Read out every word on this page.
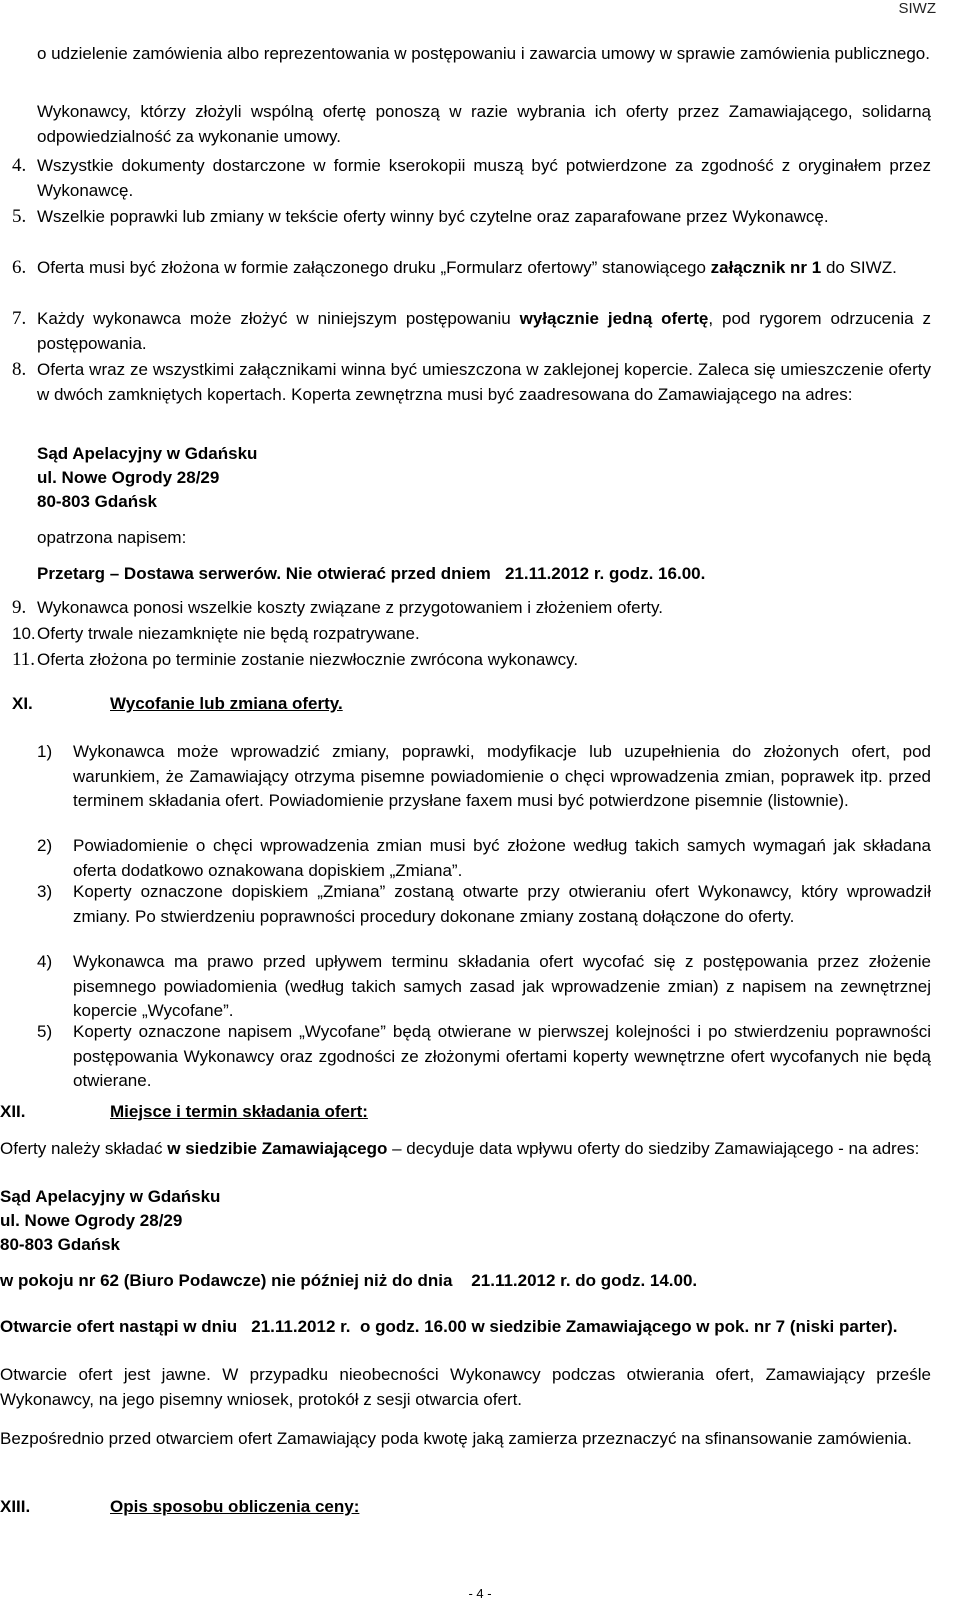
SIWZ
o udzielenie zamówienia albo reprezentowania w postępowaniu i zawarcia umowy w sprawie zamówienia publicznego.
Wykonawcy, którzy złożyli wspólną ofertę ponoszą w razie wybrania ich oferty przez Zamawiającego, solidarną odpowiedzialność za wykonanie umowy.
4. Wszystkie dokumenty dostarczone w formie kserokopii muszą być potwierdzone za zgodność z oryginałem przez Wykonawcę.
5. Wszelkie poprawki lub zmiany w tekście oferty winny być czytelne oraz zaparafowane przez Wykonawcę.
6. Oferta musi być złożona w formie załączonego druku „Formularz ofertowy” stanowiącego załącznik nr 1 do SIWZ.
7. Każdy wykonawca może złożyć w niniejszym postępowaniu wyłącznie jedną ofertę, pod rygorem odrzucenia z postępowania.
8. Oferta wraz ze wszystkimi załącznikami winna być umieszczona w zaklejonej kopercie. Zaleca się umieszczenie oferty w dwóch zamkniętych kopertach. Koperta zewnętrzna musi być zaadresowana do Zamawiającego na adres:
Sąd Apelacyjny w Gdańsku
ul. Nowe Ogrody 28/29
80-803 Gdańsk
opatrzona napisem:
Przetarg – Dostawa serwerów. Nie otwierać przed dniem   21.11.2012 r. godz. 16.00.
9. Wykonawca ponosi wszelkie koszty związane z przygotowaniem i złożeniem oferty.
10. Oferty trwale niezamknięte nie będą rozpatrywane.
11. Oferta złożona po terminie zostanie niezwłocznie zwrócona wykonawcy.
XI.	Wycofanie lub zmiana oferty.
1) Wykonawca może wprowadzić zmiany, poprawki, modyfikacje lub uzupełnienia do złożonych ofert, pod warunkiem, że Zamawiający otrzyma pisemne powiadomienie o chęci wprowadzenia zmian, poprawek itp. przed terminem składania ofert. Powiadomienie przysłane faxem musi być potwierdzone pisemnie (listownie).
2) Powiadomienie o chęci wprowadzenia zmian musi być złożone według takich samych wymagań jak składana oferta dodatkowo oznakowana dopiskiem „Zmiana”.
3) Koperty oznaczone dopiskiem „Zmiana” zostaną otwarte przy otwieraniu ofert Wykonawcy, który wprowadził zmiany. Po stwierdzeniu poprawności procedury dokonane zmiany zostaną dołączone do oferty.
4) Wykonawca ma prawo przed upływem terminu składania ofert wycofać się z postępowania przez złożenie pisemnego powiadomienia (według takich samych zasad jak wprowadzenie zmian) z napisem na zewnętrznej kopercie „Wycofane”.
5) Koperty oznaczone napisem „Wycofane” będą otwierane w pierwszej kolejności i po stwierdzeniu poprawności postępowania Wykonawcy oraz zgodności ze złożonymi ofertami koperty wewnętrzne ofert wycofanych nie będą otwierane.
XII.	Miejsce i termin składania ofert:
Oferty należy składać w siedzibie Zamawiającego – decyduje data wpływu oferty do siedziby Zamawiającego - na adres:
Sąd Apelacyjny w Gdańsku
ul. Nowe Ogrody 28/29
80-803 Gdańsk
w pokoju nr 62 (Biuro Podawcze) nie później niż do dnia    21.11.2012 r. do godz. 14.00.
Otwarcie ofert nastąpi w dniu   21.11.2012 r.  o godz. 16.00 w siedzibie Zamawiającego w pok. nr 7 (niski parter).
Otwarcie ofert jest jawne. W przypadku nieobecności Wykonawcy podczas otwierania ofert, Zamawiający prześle Wykonawcy, na jego pisemny wniosek, protokół z sesji otwarcia ofert.
Bezpośrednio przed otwarciem ofert Zamawiający poda kwotę jaką zamierza przeznaczyć na sfinansowanie zamówienia.
XIII.	Opis sposobu obliczenia ceny:
- 4 -
